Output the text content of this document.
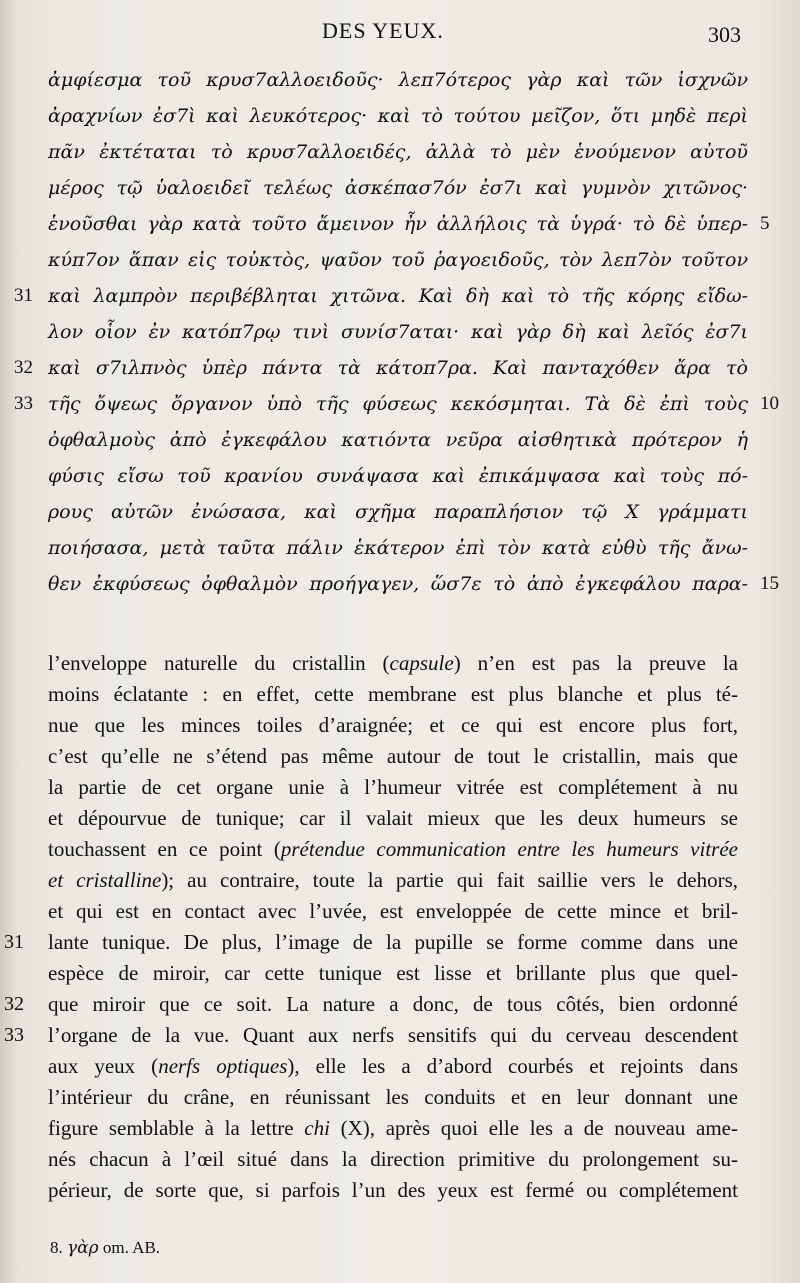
DES YEUX.	303
ἀμφίεσμα τοῦ κρυσ7αλλοειδοῦς· λεπ7ότερος γὰρ καὶ τῶν ἰσχνῶν
ἀραχνίων ἐσ7ὶ καὶ λευκότερος· καὶ τὸ τούτου μεῖζον, ὅτι μηδὲ περὶ
πᾶν ἐκτέταται τὸ κρυσ7αλλοειδές, ἀλλὰ τὸ μὲν ἑνούμενον αὐτοῦ
μέρος τῷ ὑαλοειδεῖ τελέως ἀσκέπασ7όν ἐσ7ι καὶ γυμνὸν χιτῶνος·
ἑνοῦσθαι γὰρ κατὰ τοῦτο ἄμεινον ἦν ἀλλήλοις τὰ ὑγρά· τὸ δὲ ὑπερ-
κύπ7ον ἅπαν εἰς τοὐκτὸς, ψαῦον τοῦ ῥαγοειδοῦς, τὸν λεπ7ὸν τοῦτον
καὶ λαμπρὸν περιβέβληται χιτῶνα. Καὶ δὴ καὶ τὸ τῆς κόρης εἴδω-
λον οἷον ἐν κατόπ7ρῳ τινὶ συνίσ7αται· καὶ γὰρ δὴ καὶ λεῖός ἐσ7ι
καὶ σ7ιλπνὸς ὑπὲρ πάντα τὰ κάτοπ7ρα. Καὶ πανταχόθεν ἄρα τὸ
τῆς ὄψεως ὄργανον ὑπὸ τῆς φύσεως κεκόσμηται. Τὰ δὲ ἐπὶ τοὺς
ὀφθαλμοὺς ἀπὸ ἐγκεφάλου κατιόντα νεῦρα αἰσθητικὰ πρότερον ἡ
φύσις εἴσω τοῦ κρανίου συνάψασα καὶ ἐπικάμψασα καὶ τοὺς πό-
ρους αὐτῶν ἐνώσασα, καὶ σχῆμα παραπλήσιον τῷ Χ γράμματι
ποιήσασα, μετὰ ταῦτα πάλιν ἑκάτερον ἐπὶ τὸν κατὰ εὐθὺ τῆς ἄνω-
θεν ἐκφύσεως ὀφθαλμὸν προήγαγεν, ὥσ7ε τὸ ἀπὸ ἐγκεφάλου παρα-
31
32
33
5
10
15
l’enveloppe naturelle du cristallin (capsule) n’en est pas la preuve la
moins éclatante : en effet, cette membrane est plus blanche et plus té-
nue que les minces toiles d’araignée; et ce qui est encore plus fort,
c’est qu’elle ne s’étend pas même autour de tout le cristallin, mais que
la partie de cet organe unie à l’humeur vitrée est complétement à nu
et dépourvue de tunique; car il valait mieux que les deux humeurs se
touchassent en ce point (prétendue communication entre les humeurs vitrée
et cristalline); au contraire, toute la partie qui fait saillie vers le dehors,
et qui est en contact avec l’uvée, est enveloppée de cette mince et bril-
lante tunique. De plus, l’image de la pupille se forme comme dans une
espèce de miroir, car cette tunique est lisse et brillante plus que quel-
que miroir que ce soit. La nature a donc, de tous côtés, bien ordonné
l’organe de la vue. Quant aux nerfs sensitifs qui du cerveau descendent
aux yeux (nerfs optiques), elle les a d’abord courbés et rejoints dans
l’intérieur du crâne, en réunissant les conduits et en leur donnant une
figure semblable à la lettre chi (X), après quoi elle les a de nouveau ame-
nés chacun à l’œil situé dans la direction primitive du prolongement su-
périeur, de sorte que, si parfois l’un des yeux est fermé ou complétement
31
32
33
8. γὰρ om. AB.
